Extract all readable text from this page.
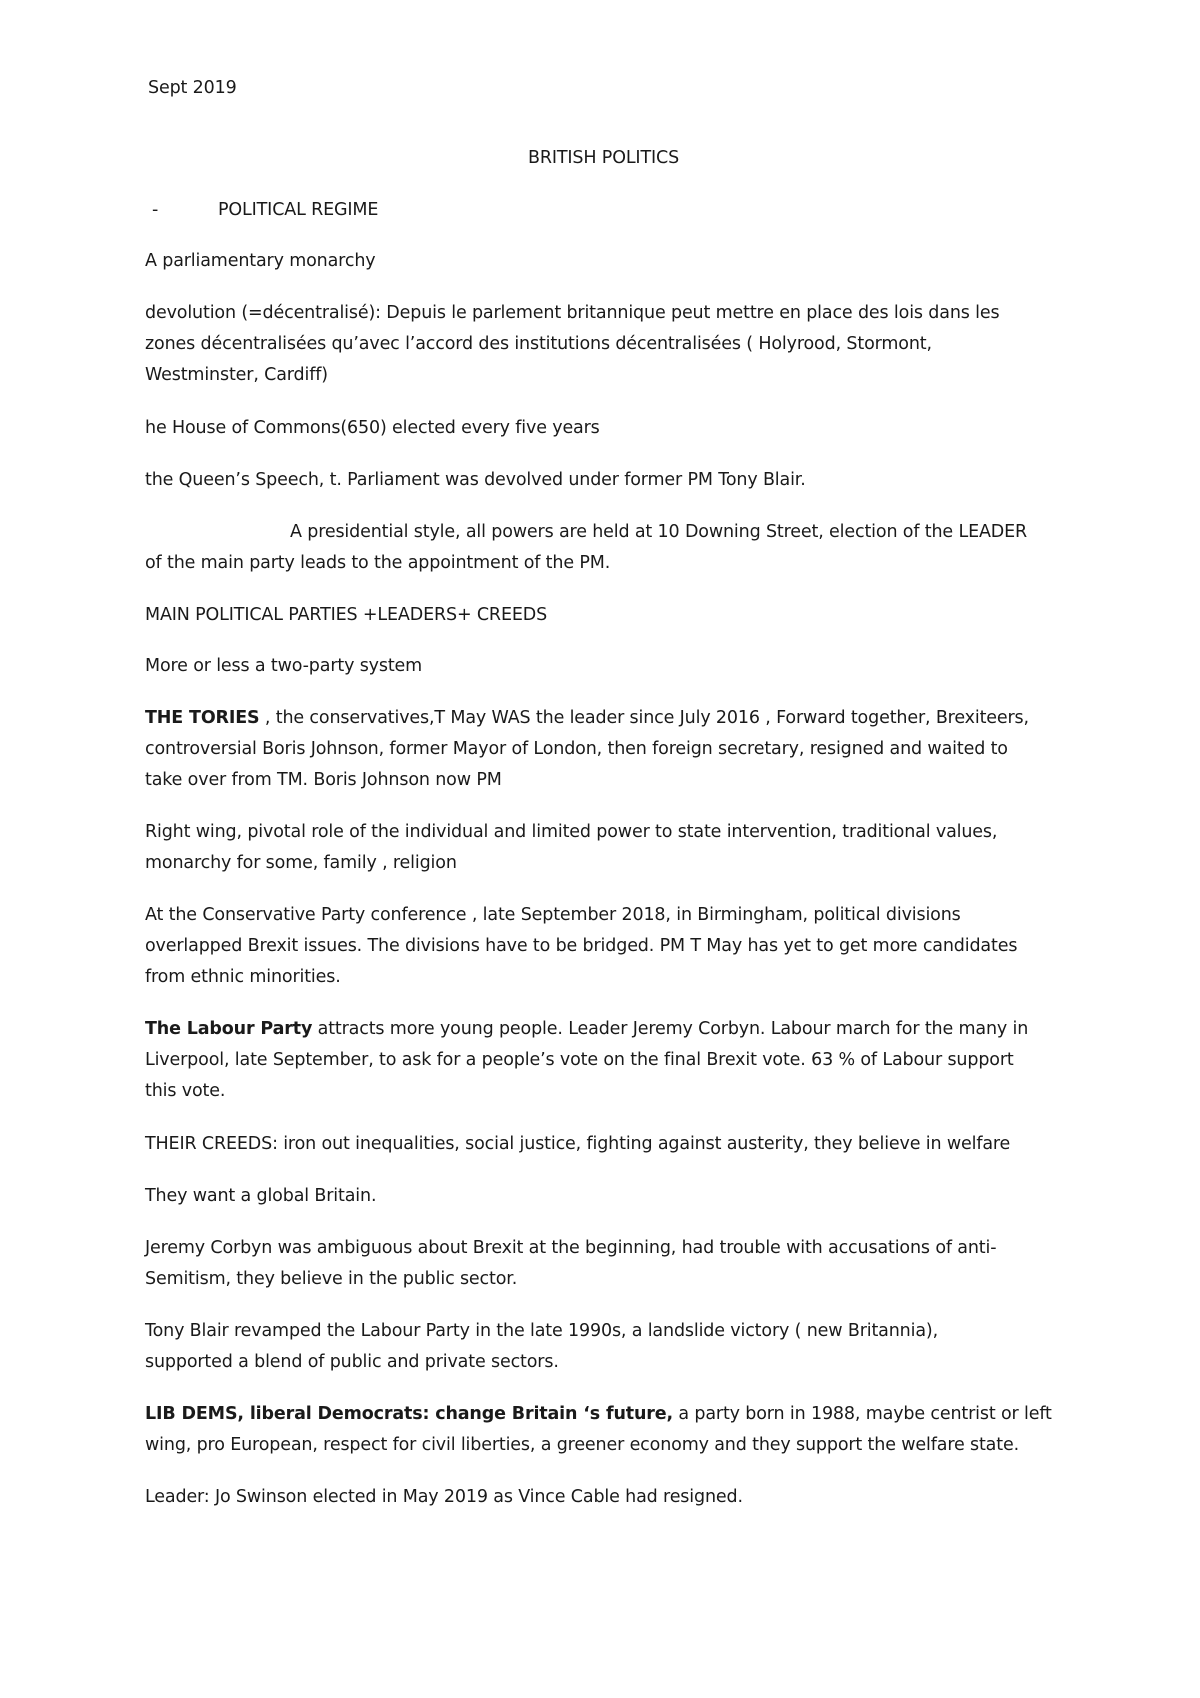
Sept 2019
BRITISH POLITICS
-	POLITICAL REGIME
A parliamentary monarchy
devolution (=décentralisé): Depuis le parlement britannique peut mettre en place des lois dans les
zones décentralisées qu’avec l’accord des institutions décentralisées ( Holyrood, Stormont,
Westminster, Cardiff)
he House of Commons(650) elected every five years
the Queen’s Speech, t. Parliament was devolved under former PM Tony Blair.
A presidential style, all powers are held at 10 Downing Street, election of the LEADER
of the main party leads to the appointment of the PM.
MAIN POLITICAL PARTIES +LEADERS+ CREEDS
More or less a two-party system
THE TORIES , the conservatives,T May WAS the leader since July 2016 , Forward together, Brexiteers,
controversial Boris Johnson, former Mayor of London, then foreign secretary, resigned and waited to
take over from TM. Boris Johnson now PM
Right wing, pivotal role of the individual and limited power to state intervention, traditional values,
monarchy for some, family , religion
At the Conservative Party conference , late September 2018, in Birmingham, political divisions
overlapped Brexit issues. The divisions have to be bridged. PM T May has yet to get more candidates
from ethnic minorities.
The Labour Party attracts more young people. Leader Jeremy Corbyn. Labour march for the many in
Liverpool, late September, to ask for a people’s vote on the final Brexit vote. 63 % of Labour support
this vote.
THEIR CREEDS: iron out inequalities, social justice, fighting against austerity, they believe in welfare
They want a global Britain.
Jeremy Corbyn was ambiguous about Brexit at the beginning, had trouble with accusations of anti-
Semitism, they believe in the public sector.
Tony Blair revamped the Labour Party in the late 1990s, a landslide victory ( new Britannia),
supported a blend of public and private sectors.
LIB DEMS, liberal Democrats: change Britain ‘s future, a party born in 1988, maybe centrist or left
wing, pro European, respect for civil liberties, a greener economy and they support the welfare state.
Leader: Jo Swinson elected in May 2019 as Vince Cable had resigned.
